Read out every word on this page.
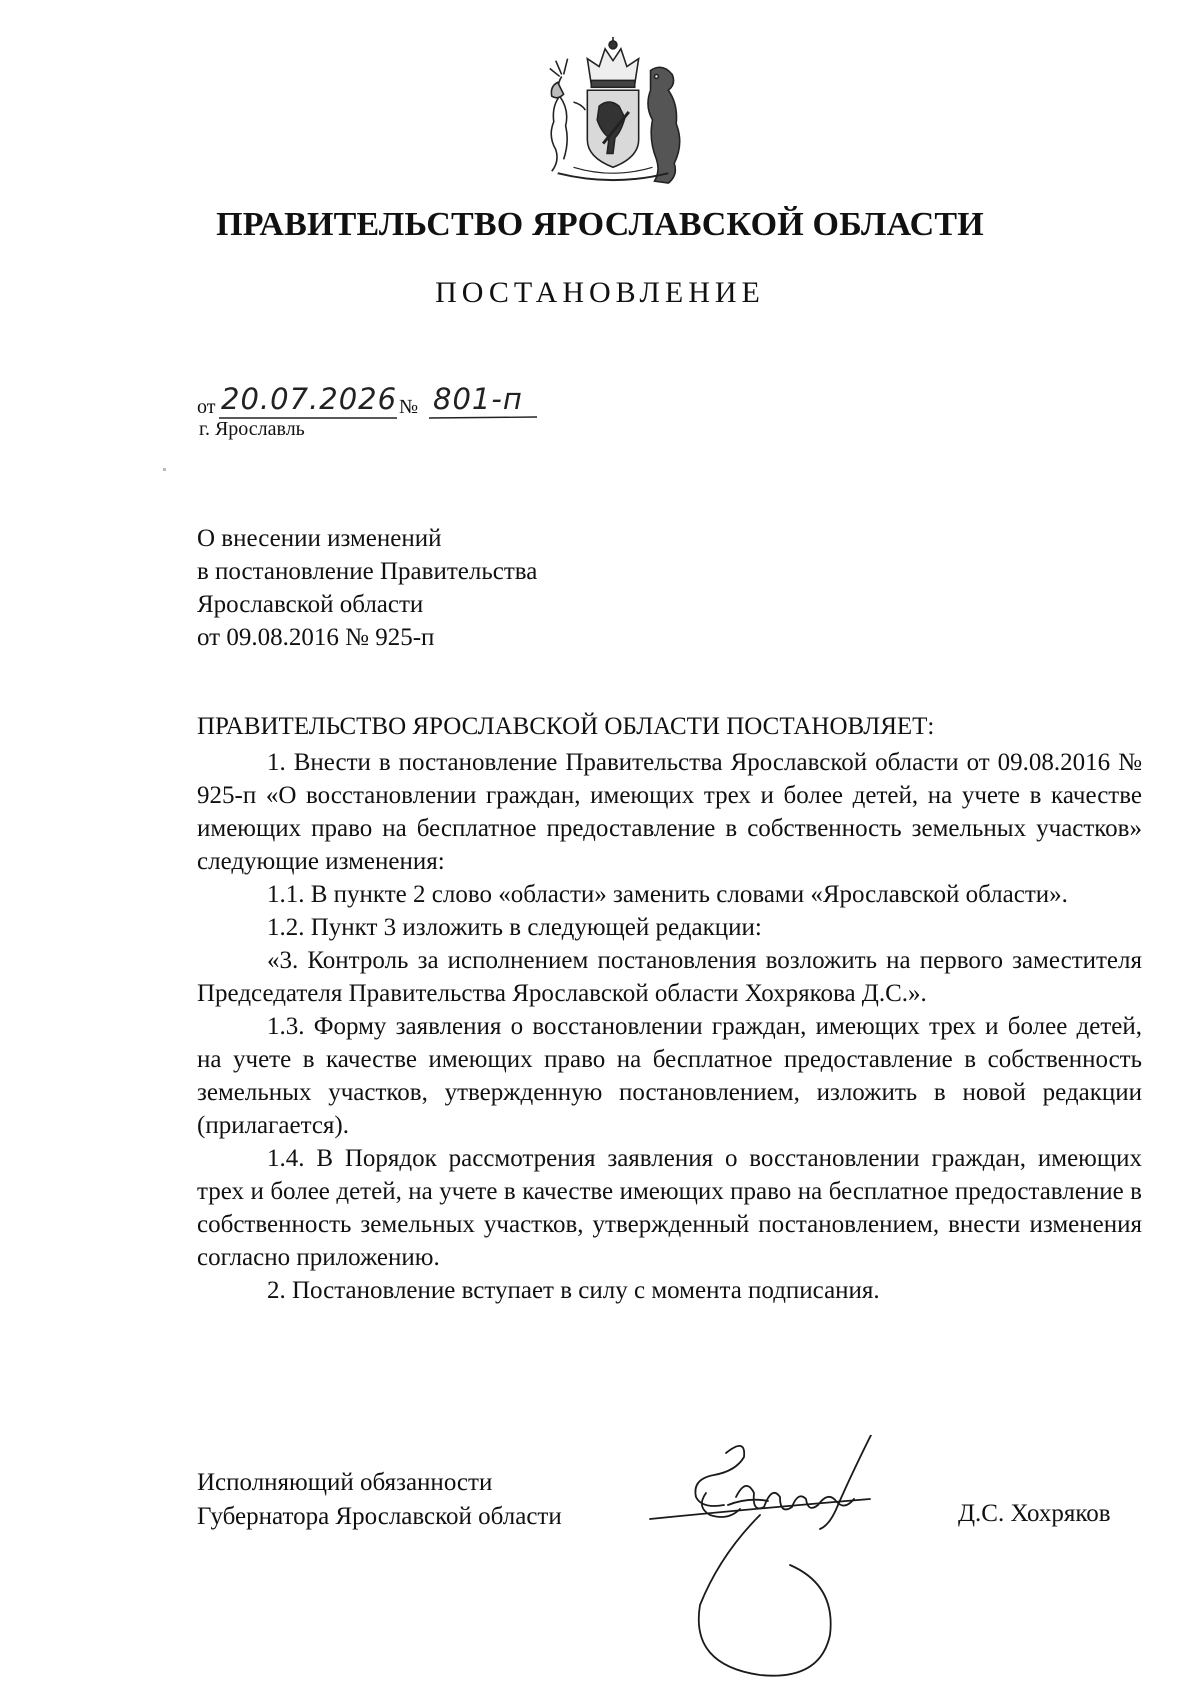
ПРАВИТЕЛЬСТВО ЯРОСЛАВСКОЙ ОБЛАСТИ
ПОСТАНОВЛЕНИЕ
от 20.07.2026 № 801-п
г. Ярославль
О внесении изменений
в постановление Правительства
Ярославской области
от 09.08.2016 № 925-п
ПРАВИТЕЛЬСТВО ЯРОСЛАВСКОЙ ОБЛАСТИ ПОСТАНОВЛЯЕТ:

1. Внести в постановление Правительства Ярославской области от 09.08.2016 № 925-п «О восстановлении граждан, имеющих трех и более детей, на учете в качестве имеющих право на бесплатное предоставление в собственность земельных участков» следующие изменения:

1.1. В пункте 2 слово «области» заменить словами «Ярославской области».

1.2. Пункт 3 изложить в следующей редакции:

«3. Контроль за исполнением постановления возложить на первого заместителя Председателя Правительства Ярославской области Хохрякова Д.С.».

1.3. Форму заявления о восстановлении граждан, имеющих трех и более детей, на учете в качестве имеющих право на бесплатное предоставление в собственность земельных участков, утвержденную постановлением, изложить в новой редакции (прилагается).

1.4. В Порядок рассмотрения заявления о восстановлении граждан, имеющих трех и более детей, на учете в качестве имеющих право на бесплатное предоставление в собственность земельных участков, утвержденный постановлением, внести изменения согласно приложению.

2. Постановление вступает в силу с момента подписания.

Исполняющий обязанности
Губернатора Ярославской области	Д.С. Хохряков
